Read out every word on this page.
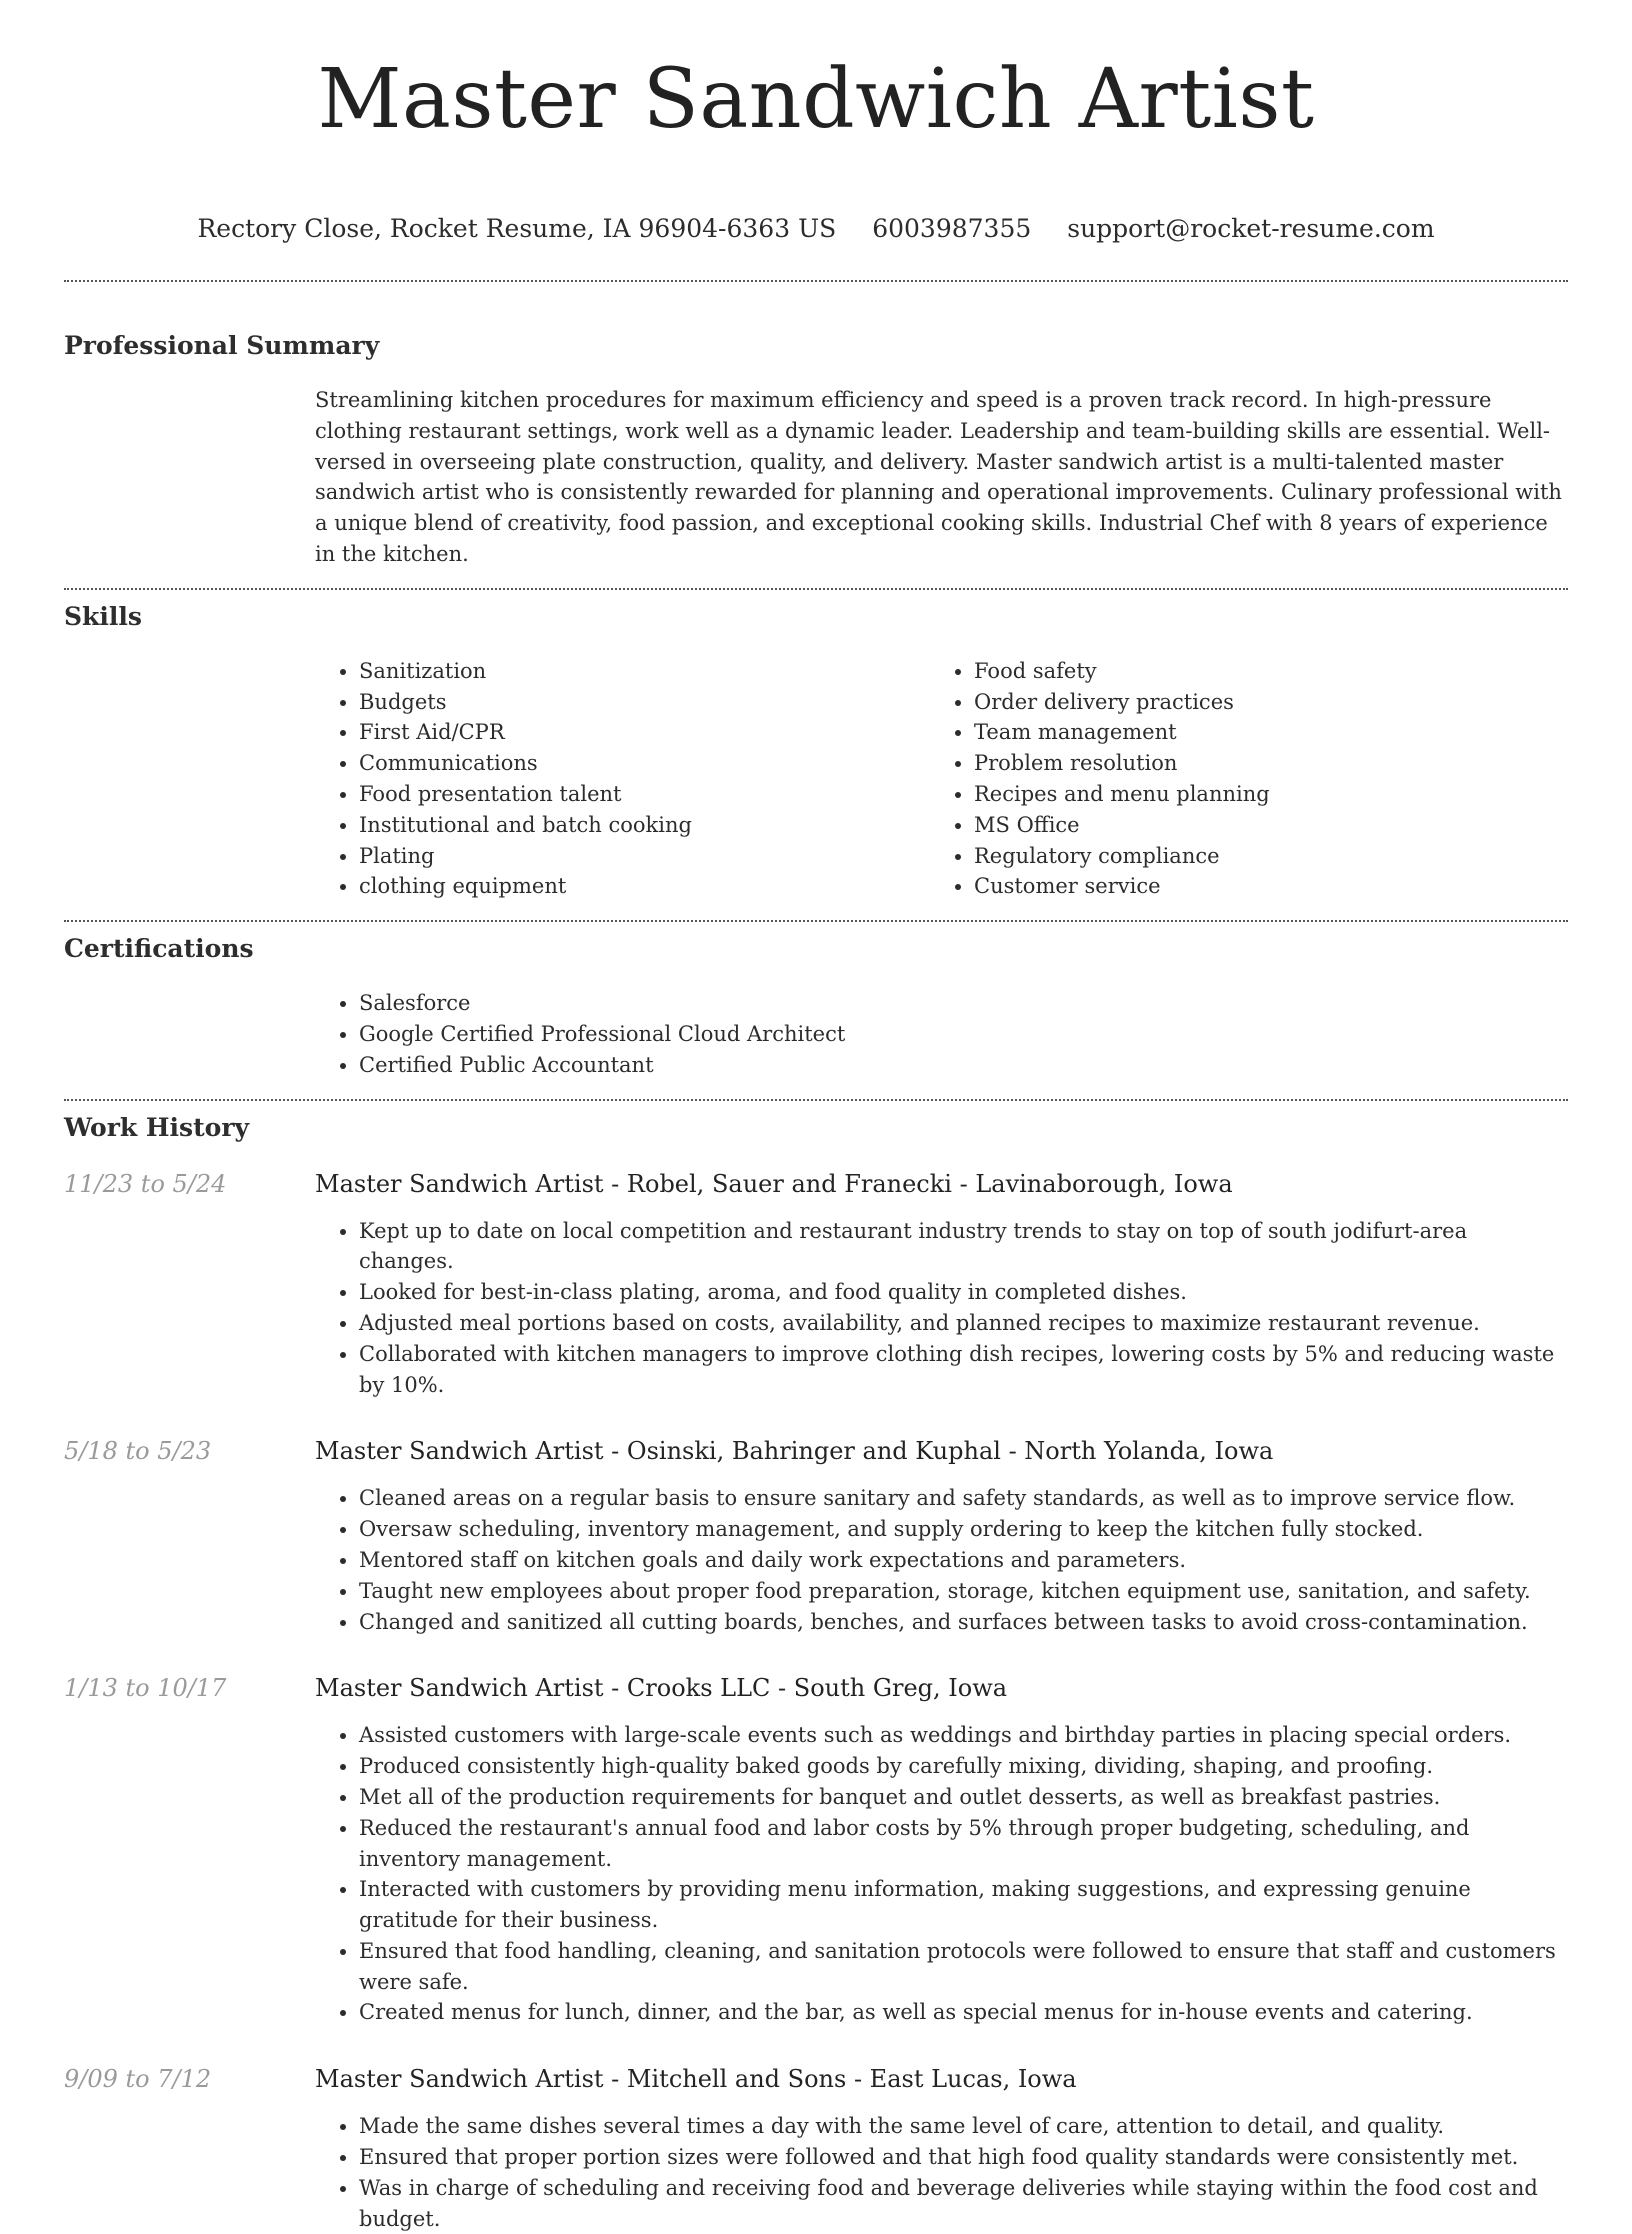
Master Sandwich Artist
Rectory Close, Rocket Resume, IA 96904-6363 US 6003987355 support@rocket-resume.com
Professional Summary

Streamlining kitchen procedures for maximum efficiency and speed is a proven track record. In high-pressure clothing restaurant settings, work well as a dynamic leader. Leadership and team-building skills are essential. Well-versed in overseeing plate construction, quality, and delivery. Master sandwich artist is a multi-talented master sandwich artist who is consistently rewarded for planning and operational improvements. Culinary professional with a unique blend of creativity, food passion, and exceptional cooking skills. Industrial Chef with 8 years of experience in the kitchen.

Skills
• Sanitization
• Budgets
• First Aid/CPR
• Communications
• Food presentation talent
• Institutional and batch cooking
• Plating
• clothing equipment
• Food safety
• Order delivery practices
• Team management
• Problem resolution
• Recipes and menu planning
• MS Office
• Regulatory compliance
• Customer service
Certifications
• Salesforce
• Google Certified Professional Cloud Architect
• Certified Public Accountant
Work History
11/23 to 5/24	Master Sandwich Artist - Robel, Sauer and Franecki - Lavinaborough, Iowa
• Kept up to date on local competition and restaurant industry trends to stay on top of south jodifurt-area changes.
• Looked for best-in-class plating, aroma, and food quality in completed dishes.
• Adjusted meal portions based on costs, availability, and planned recipes to maximize restaurant revenue.
• Collaborated with kitchen managers to improve clothing dish recipes, lowering costs by 5% and reducing waste by 10%.
5/18 to 5/23	Master Sandwich Artist - Osinski, Bahringer and Kuphal - North Yolanda, Iowa
• Cleaned areas on a regular basis to ensure sanitary and safety standards, as well as to improve service flow.
• Oversaw scheduling, inventory management, and supply ordering to keep the kitchen fully stocked.
• Mentored staff on kitchen goals and daily work expectations and parameters.
• Taught new employees about proper food preparation, storage, kitchen equipment use, sanitation, and safety.
• Changed and sanitized all cutting boards, benches, and surfaces between tasks to avoid cross-contamination.
1/13 to 10/17	Master Sandwich Artist - Crooks LLC - South Greg, Iowa
• Assisted customers with large-scale events such as weddings and birthday parties in placing special orders.
• Produced consistently high-quality baked goods by carefully mixing, dividing, shaping, and proofing.
• Met all of the production requirements for banquet and outlet desserts, as well as breakfast pastries.
• Reduced the restaurant's annual food and labor costs by 5% through proper budgeting, scheduling, and inventory management.
• Interacted with customers by providing menu information, making suggestions, and expressing genuine gratitude for their business.
• Ensured that food handling, cleaning, and sanitation protocols were followed to ensure that staff and customers were safe.
• Created menus for lunch, dinner, and the bar, as well as special menus for in-house events and catering.
9/09 to 7/12	Master Sandwich Artist - Mitchell and Sons - East Lucas, Iowa
• Made the same dishes several times a day with the same level of care, attention to detail, and quality.
• Ensured that proper portion sizes were followed and that high food quality standards were consistently met.
• Was in charge of scheduling and receiving food and beverage deliveries while staying within the food cost and budget.
